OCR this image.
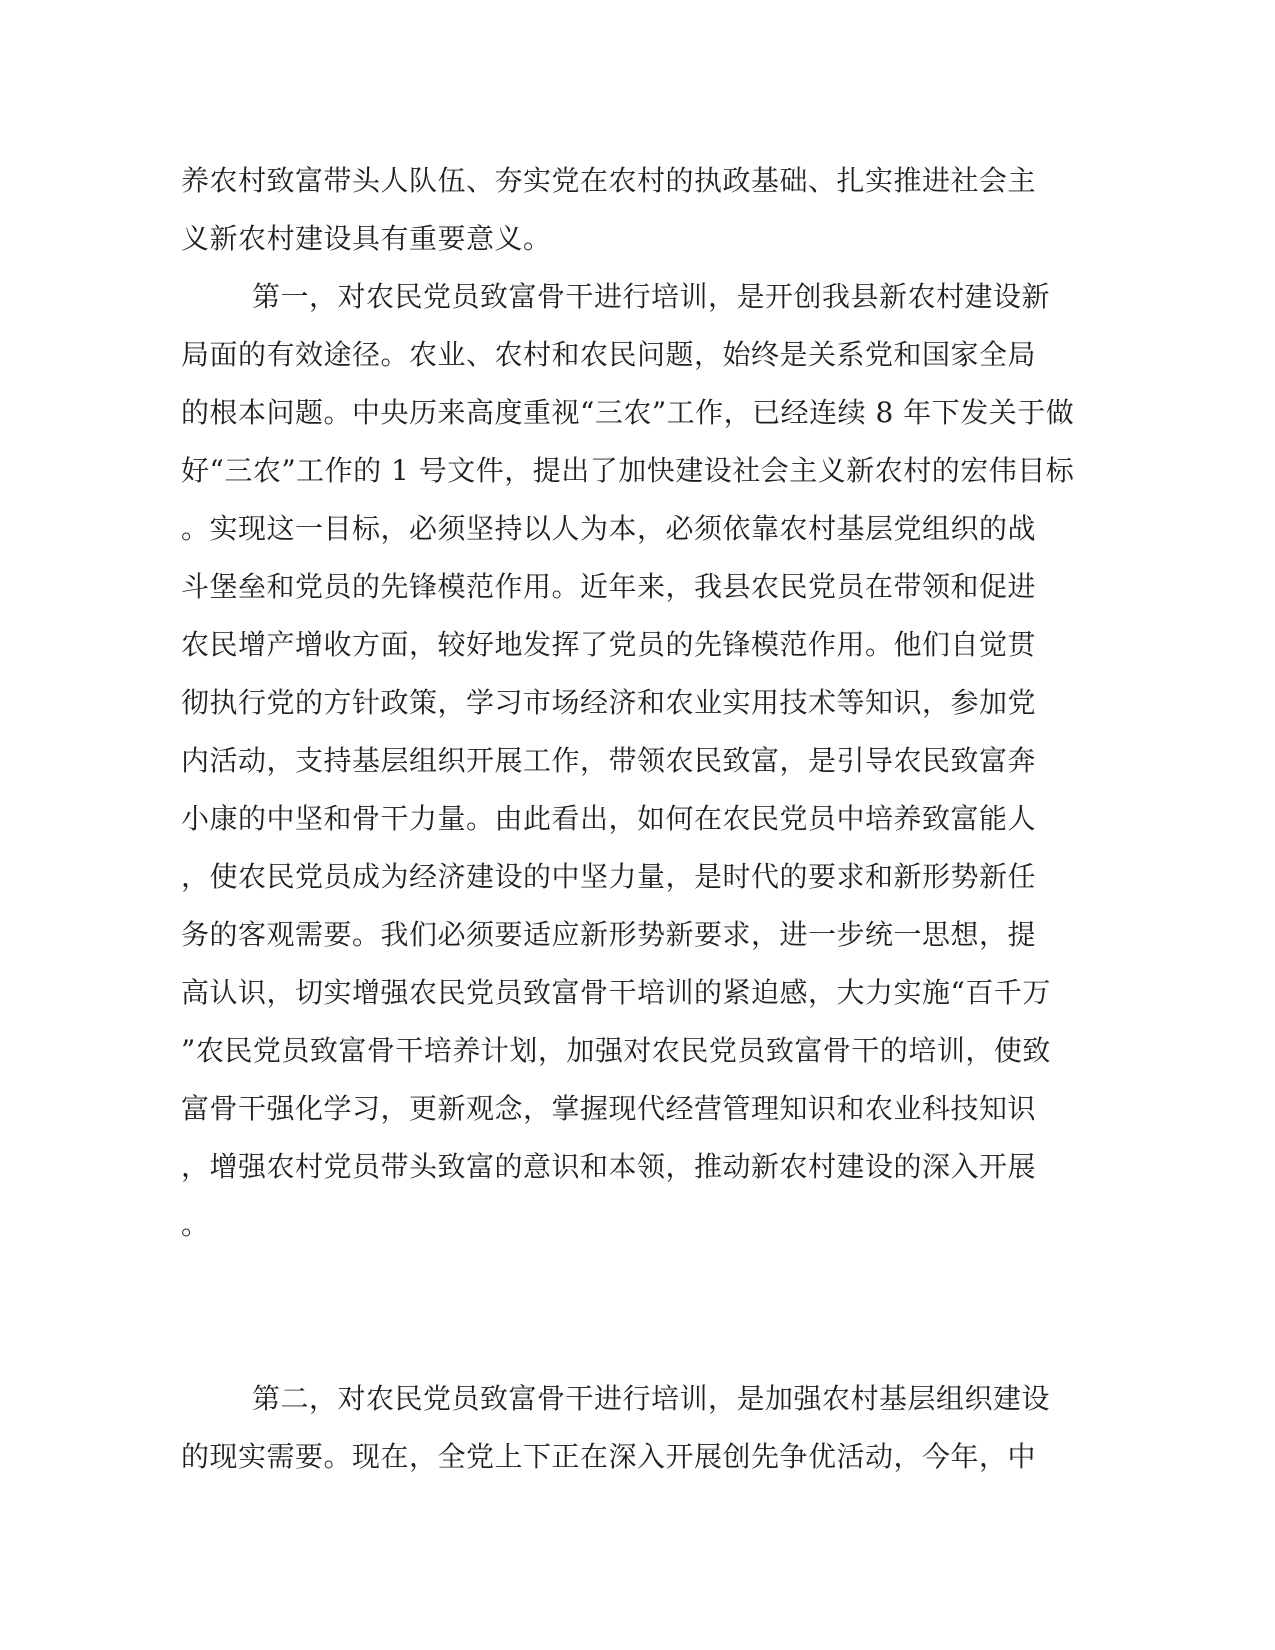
养农村致富带头人队伍、夯实党在农村的执政基础、扎实推进社会主
义新农村建设具有重要意义。
第一，对农民党员致富骨干进行培训，是开创我县新农村建设新
局面的有效途径。农业、农村和农民问题，始终是关系党和国家全局
的根本问题。中央历来高度重视“三农”工作，已经连续 8 年下发关于做
好“三农”工作的 1 号文件，提出了加快建设社会主义新农村的宏伟目标
。实现这一目标，必须坚持以人为本，必须依靠农村基层党组织的战
斗堡垒和党员的先锋模范作用。近年来，我县农民党员在带领和促进
农民增产增收方面，较好地发挥了党员的先锋模范作用。他们自觉贯
彻执行党的方针政策，学习市场经济和农业实用技术等知识，参加党
内活动，支持基层组织开展工作，带领农民致富，是引导农民致富奔
小康的中坚和骨干力量。由此看出，如何在农民党员中培养致富能人
，使农民党员成为经济建设的中坚力量，是时代的要求和新形势新任
务的客观需要。我们必须要适应新形势新要求，进一步统一思想，提
高认识，切实增强农民党员致富骨干培训的紧迫感，大力实施“百千万
”农民党员致富骨干培养计划，加强对农民党员致富骨干的培训，使致
富骨干强化学习，更新观念，掌握现代经营管理知识和农业科技知识
，增强农村党员带头致富的意识和本领，推动新农村建设的深入开展
。
第二，对农民党员致富骨干进行培训，是加强农村基层组织建设
的现实需要。现在，全党上下正在深入开展创先争优活动，今年，中
